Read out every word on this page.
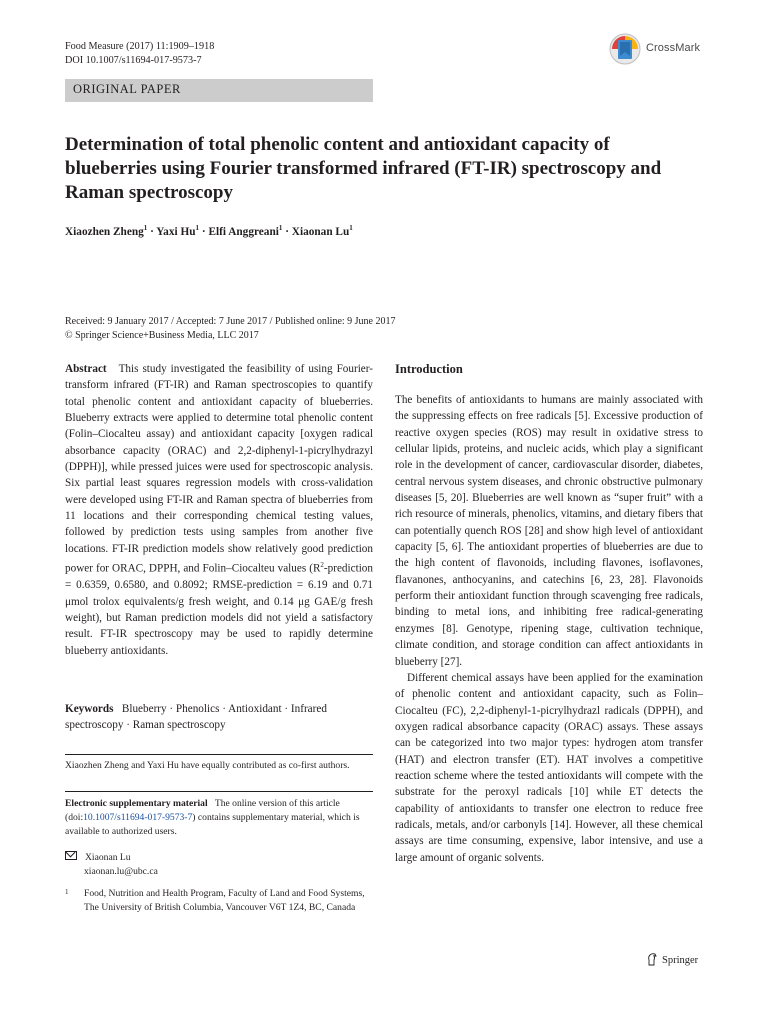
Food Measure (2017) 11:1909–1918
DOI 10.1007/s11694-017-9573-7
CrossMark
ORIGINAL PAPER
Determination of total phenolic content and antioxidant capacity of blueberries using Fourier transformed infrared (FT-IR) spectroscopy and Raman spectroscopy
Xiaozhen Zheng$^1$ · Yaxi $Hu^1$ · Elfi Anggreani$^1$ · Xiaonan Lu$^1$
Received: 9 January 2017 / Accepted: 7 June 2017 / Published online: 9 June 2017
© Springer Science+Business Media, LLC 2017

Abstract This study investigated the feasibility of using Fourier-transform infrared (FT-IR) and Raman spectroscopies to quantify total phenolic content and antioxidant capacity of blueberries. Blueberry extracts were applied to determine total phenolic content (Folin–Ciocalteu assay) and antioxidant capacity [oxygen radical absorbance capacity (ORAC) and 2,2-diphenyl-1-picrylhydrazyl (DPPH)], while pressed juices were used for spectroscopic analysis. Six partial least squares regression models with cross-validation were developed using FT-IR and Raman spectra of blueberries from 11 locations and their corresponding chemical testing values, followed by prediction tests using samples from another five locations. FT-IR prediction models show relatively good prediction power for ORAC, DPPH, and Folin–Ciocalteu values ($R^2$-prediction = 0.6359, 0.6580, and 0.8092; RMSE-prediction = 6.19 and 0.71 μmol trolox equivalents/g fresh weight, and 0.14 μg GAE/g fresh weight), but Raman prediction models did not yield a satisfactory result. FT-IR spectroscopy may be used to rapidly determine blueberry antioxidants.

Keywords Blueberry · Phenolics · Antioxidant · Infrared spectroscopy · Raman spectroscopy

Xiaozhen Zheng and Yaxi Hu have equally contributed as co-first authors.
Electronic supplementary material The online version of this article (doi:10.1007/s11694-017-9573-7) contains supplementary material, which is available to authorized users.
Xiaonan Lu
xiaonan.lu@ubc.ca
1	Food, Nutrition and Health Program, Faculty of Land and Food Systems, The University of British Columbia, Vancouver V6T 1Z4, BC, Canada
Introduction

The benefits of antioxidants to humans are mainly associated with the suppressing effects on free radicals [5]. Excessive production of reactive oxygen species (ROS) may result in oxidative stress to cellular lipids, proteins, and nucleic acids, which play a significant role in the development of cancer, cardiovascular disorder, diabetes, central nervous system diseases, and chronic obstructive pulmonary diseases [5, 20]. Blueberries are well known as “super fruit” with a rich resource of minerals, phenolics, vitamins, and dietary fibers that can potentially quench ROS [28] and show high level of antioxidant capacity [5, 6]. The antioxidant properties of blueberries are due to the high content of flavonoids, including flavones, isoflavones, flavanones, anthocyanins, and catechins [6, 23, 28]. Flavonoids perform their antioxidant function through scavenging free radicals, binding to metal ions, and inhibiting free radical-generating enzymes [8]. Genotype, ripening stage, cultivation technique, climate condition, and storage condition can affect antioxidants in blueberry [27].

Different chemical assays have been applied for the examination of phenolic content and antioxidant capacity, such as Folin–Ciocalteu (FC), 2,2-diphenyl-1-picrylhydrazl radicals (DPPH), and oxygen radical absorbance capacity (ORAC) assays. These assays can be categorized into two major types: hydrogen atom transfer (HAT) and electron transfer (ET). HAT involves a competitive reaction scheme where the tested antioxidants will compete with the substrate for the peroxyl radicals [10] while ET detects the capability of antioxidants to transfer one electron to reduce free radicals, metals, and/or carbonyls [14]. However, all these chemical assays are time consuming, expensive, labor intensive, and use a large amount of organic solvents.

Springer
